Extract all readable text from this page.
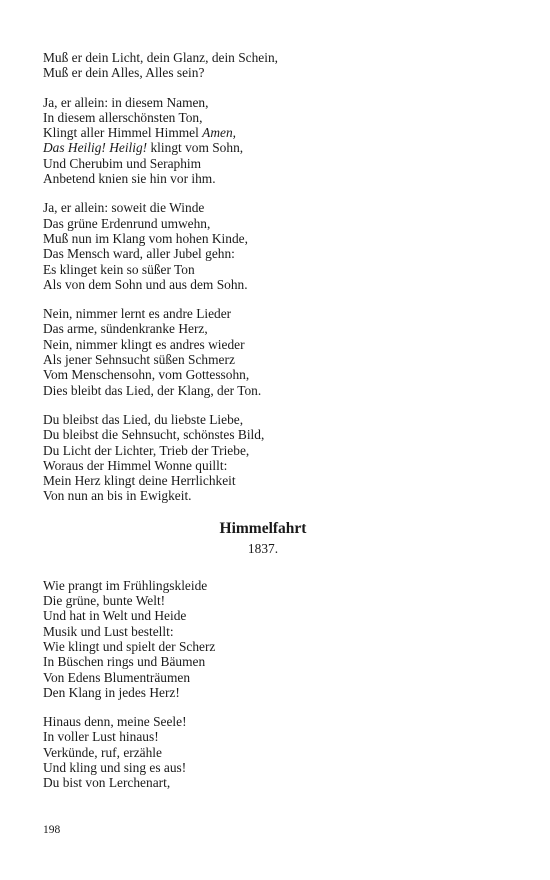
Muß er dein Licht, dein Glanz, dein Schein,
Muß er dein Alles, Alles sein?
Ja, er allein: in diesem Namen,
In diesem allerschönsten Ton,
Klingt aller Himmel Himmel Amen,
Das Heilig! Heilig! klingt vom Sohn,
Und Cherubim und Seraphim
Anbetend knien sie hin vor ihm.
Ja, er allein: soweit die Winde
Das grüne Erdenrund umwehn,
Muß nun im Klang vom hohen Kinde,
Das Mensch ward, aller Jubel gehn:
Es klinget kein so süßer Ton
Als von dem Sohn und aus dem Sohn.
Nein, nimmer lernt es andre Lieder
Das arme, sündenkranke Herz,
Nein, nimmer klingt es andres wieder
Als jener Sehnsucht süßen Schmerz
Vom Menschensohn, vom Gottessohn,
Dies bleibt das Lied, der Klang, der Ton.
Du bleibst das Lied, du liebste Liebe,
Du bleibst die Sehnsucht, schönstes Bild,
Du Licht der Lichter, Trieb der Triebe,
Woraus der Himmel Wonne quillt:
Mein Herz klingt deine Herrlichkeit
Von nun an bis in Ewigkeit.
Himmelfahrt
1837.
Wie prangt im Frühlingskleide
Die grüne, bunte Welt!
Und hat in Welt und Heide
Musik und Lust bestellt:
Wie klingt und spielt der Scherz
In Büschen rings und Bäumen
Von Edens Blumenträumen
Den Klang in jedes Herz!
Hinaus denn, meine Seele!
In voller Lust hinaus!
Verkünde, ruf, erzähle
Und kling und sing es aus!
Du bist von Lerchenart,
198
